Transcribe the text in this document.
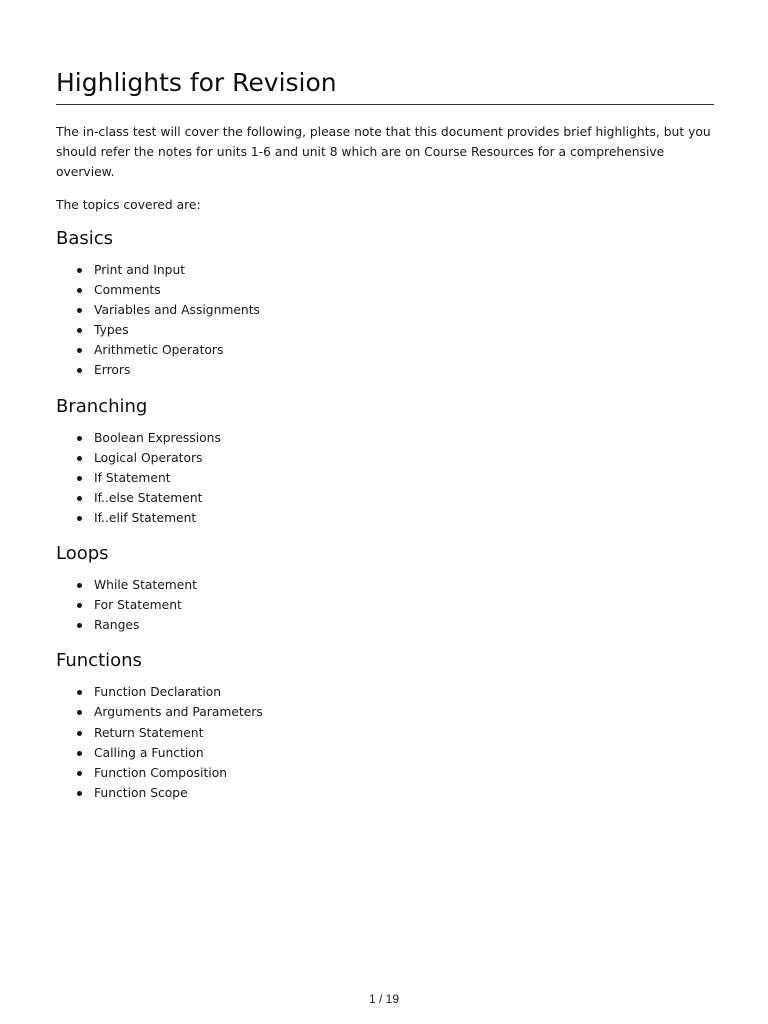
Highlights for Revision

The in-class test will cover the following, please note that this document provides brief highlights, but you should refer the notes for units 1-6 and unit 8 which are on Course Resources for a comprehensive overview.

The topics covered are:

Basics
Print and Input
Comments
Variables and Assignments
Types
Arithmetic Operators
Errors
Branching
Boolean Expressions
Logical Operators
If Statement
If..else Statement
If..elif Statement
Loops
While Statement
For Statement
Ranges
Functions
Function Declaration
Arguments and Parameters
Return Statement
Calling a Function
Function Composition
Function Scope
1 / 19
